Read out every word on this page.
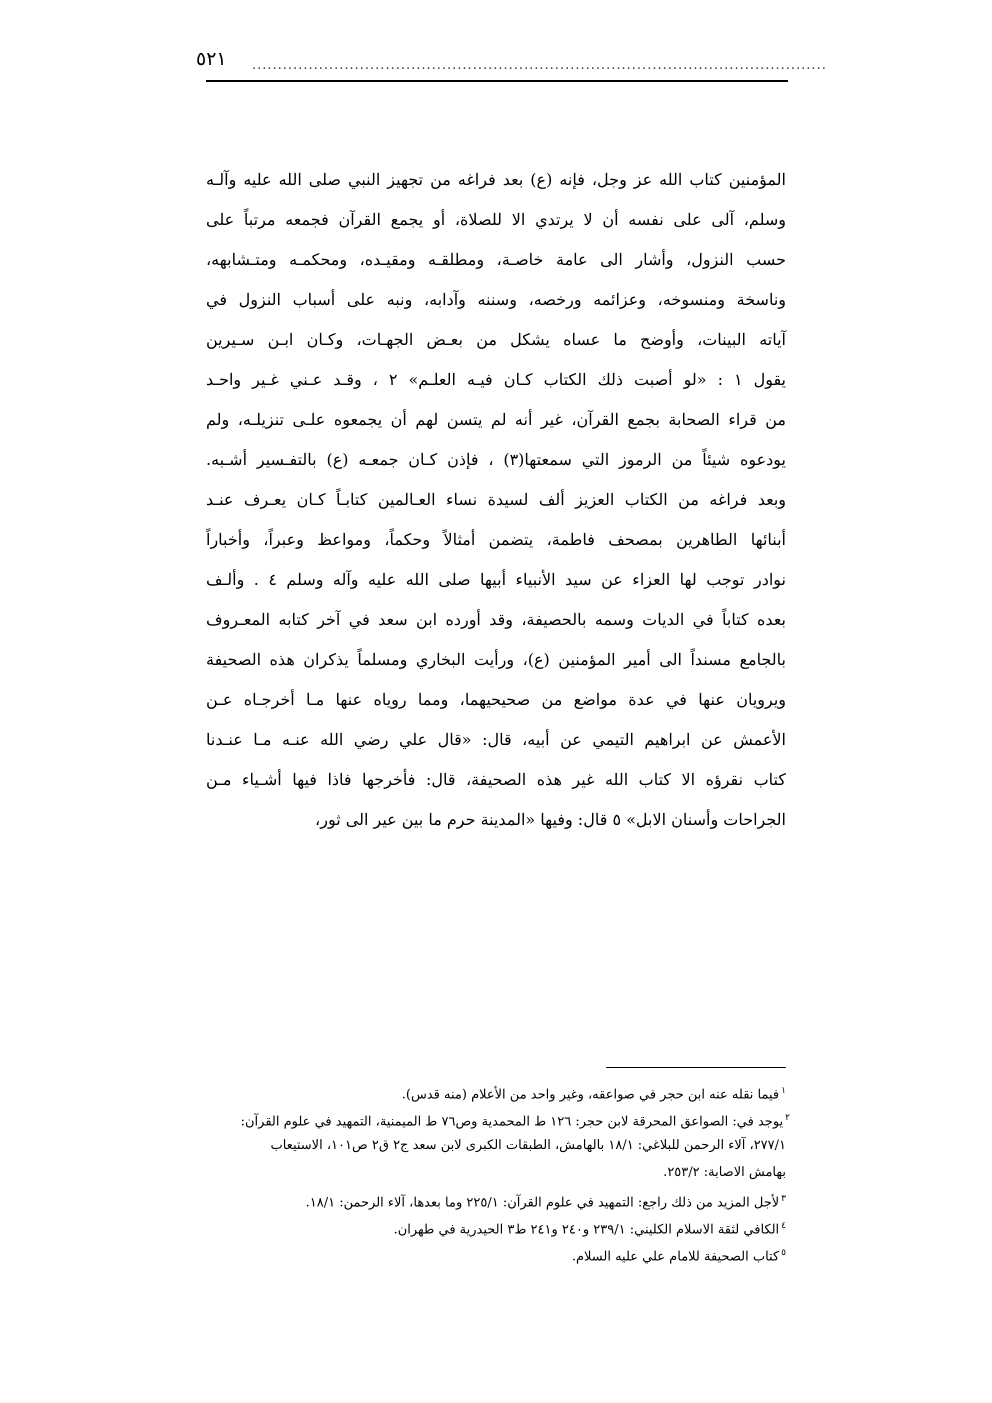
٥٢١ ................................................................................................................
المؤمنين كتاب الله عز وجل، فإنه (ع) بعد فراغه من تجهيز النبي صلى الله عليه وآلـه
وسلم، آلى على نفسه أن لا يرتدي الا للصلاة، أو يجمع القرآن فجمعه مرتباً على
حسب النزول، وأشار الى عامة خاصـة، ومطلقـه ومقيـده، ومحكمـه ومتـشابهه،
وناسخة ومنسوخه، وعزائمه ورخصه، وسننه وآدابه، ونبه على أسباب النزول في
آياته البينات، وأوضح ما عساه يشكل من بعـض الجهـات، وكـان ابـن سـيرين
يقول ١ : «لو أصبت ذلك الكتاب كـان فيـه العلـم» ٢ ، وقـد عـني غـير واحـد
من قراء الصحابة بجمع القرآن، غير أنه لم يتسن لهم أن يجمعوه علـى تنزيلـه، ولم
يودعوه شيئاً من الرموز التي سمعتها(٣) ، فإذن كـان جمعـه (ع) بالتفـسير أشـبه.
وبعد فراغه من الكتاب العزيز ألف لسيدة نساء العـالمين كتابـاً كـان يعـرف عنـد
أبنائها الطاهرين بمصحف فاطمة، يتضمن أمثالاً وحكماً، ومواعظ وعبراً، وأخباراً
نوادر توجب لها العزاء عن سيد الأنبياء أبيها صلى الله عليه وآله وسلم ٤ . وألـف
بعده كتاباً في الديات وسمه بالحصيفة، وقد أورده ابن سعد في آخر كتابه المعـروف
بالجامع مسنداً الى أمير المؤمنين (ع)، ورأيت البخاري ومسلماً يذكران هذه الصحيفة
ويرويان عنها في عدة مواضع من صحيحيهما، ومما روياه عنها مـا أخرجـاه عـن
الأعمش عن ابراهيم التيمي عن أبيه، قال: «قال علي رضي الله عنـه مـا عنـدنا
كتاب نقرؤه الا كتاب الله غير هذه الصحيفة، قال: فأخرجها فاذا فيها أشـياء مـن
الجراحات وأسنان الابل» ٥ قال: وفيها «المدينة حرم ما بين عير الى ثور،
$^١$فيما نقله عنه ابن حجر في صواعقه، وغير واحد من الأعلام (منه قدس).
$^٢$يوجد في: الصواعق المحرقة لابن حجر: ١٢٦ ط المحمدية وص٧٦ ط الميمنية، التمهيد في علوم القرآن:
٢٧٧/١، آلاء الرحمن للبلاغي: ١٨/١ بالهامش، الطبقات الكبرى لابن سعد ج٢ ق٢ ص١٠١، الاستيعاب
بهامش الاصابة: ٢٥٣/٢.
$^٣$لأجل المزيد من ذلك راجع: التمهيد في علوم القرآن: ٢٢٥/١ وما بعدها، آلاء الرحمن: ١٨/١.
$^٤$الكافي لثقة الاسلام الكليني: ٢٣٩/١ و٢٤٠ و٢٤١ ط٣ الحيدرية في طهران.
$^٥$كتاب الصحيفة للامام علي عليه السلام.
